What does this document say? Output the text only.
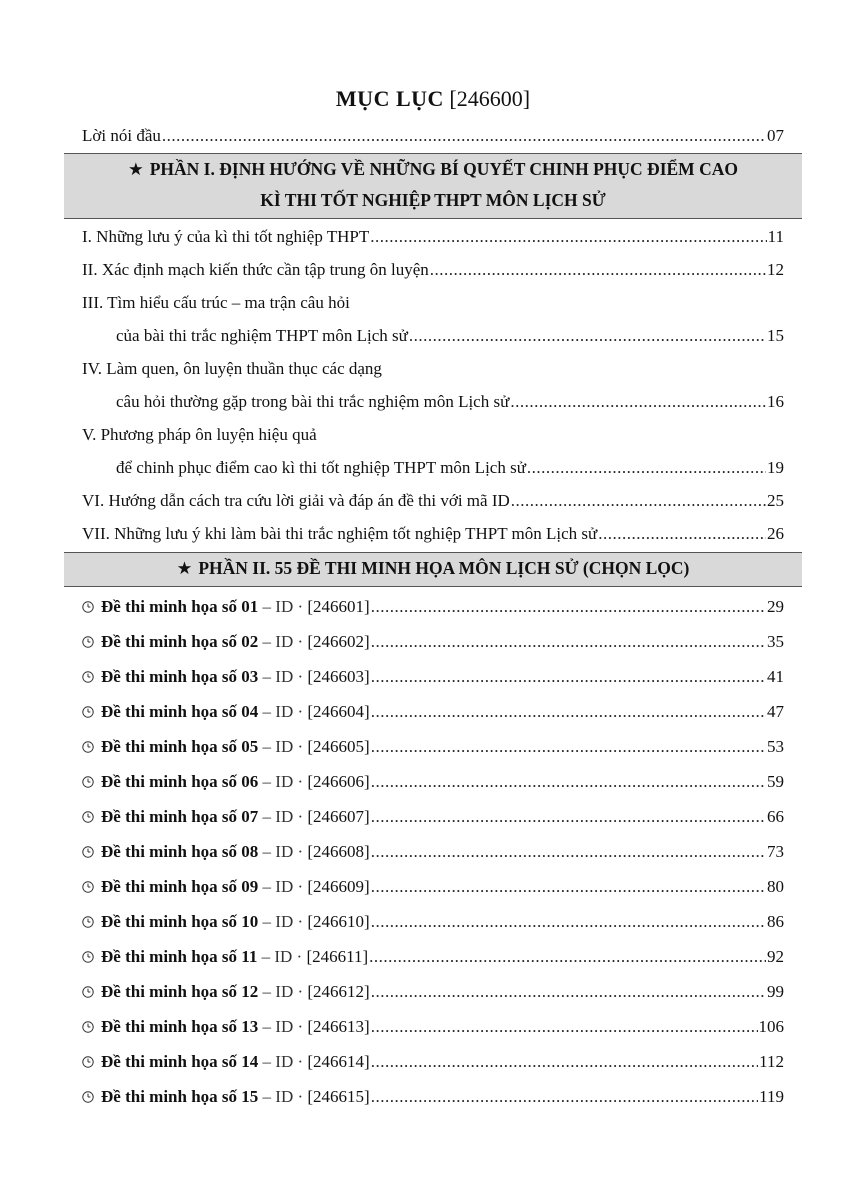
MỤC LỤC [246600]
Lời nói đầu .....	07
★ PHẦN I. ĐỊNH HƯỚNG VỀ NHỮNG BÍ QUYẾT CHINH PHỤC ĐIỂM CAO
KÌ THI TỐT NGHIỆP THPT MÔN LỊCH SỬ
I. Những lưu ý của kì thi tốt nghiệp THPT .....	11
II. Xác định mạch kiến thức cần tập trung ôn luyện .....	12
III. Tìm hiểu cấu trúc – ma trận câu hỏi
của bài thi trắc nghiệm THPT môn Lịch sử .....	15
IV. Làm quen, ôn luyện thuần thục các dạng
câu hỏi thường gặp trong bài thi trắc nghiệm môn Lịch sử .....	16
V. Phương pháp ôn luyện hiệu quả
để chinh phục điểm cao kì thi tốt nghiệp THPT môn Lịch sử .....	19
VI. Hướng dẫn cách tra cứu lời giải và đáp án đề thi với mã ID .....	25
VII. Những lưu ý khi làm bài thi trắc nghiệm tốt nghiệp THPT môn Lịch sử .....	26
★ PHẦN II. 55 ĐỀ THI MINH HỌA MÔN LỊCH SỬ (CHỌN LỌC)
Đề thi minh họa số 01 – ID · [246601] .....	29
Đề thi minh họa số 02 – ID · [246602] .....	35
Đề thi minh họa số 03 – ID · [246603] .....	41
Đề thi minh họa số 04 – ID · [246604] .....	47
Đề thi minh họa số 05 – ID · [246605] .....	53
Đề thi minh họa số 06 – ID · [246606] .....	59
Đề thi minh họa số 07 – ID · [246607] .....	66
Đề thi minh họa số 08 – ID · [246608] .....	73
Đề thi minh họa số 09 – ID · [246609] .....	80
Đề thi minh họa số 10 – ID · [246610] .....	86
Đề thi minh họa số 11 – ID · [246611] .....	92
Đề thi minh họa số 12 – ID · [246612] .....	99
Đề thi minh họa số 13 – ID · [246613] .....	106
Đề thi minh họa số 14 – ID · [246614] .....	112
Đề thi minh họa số 15 – ID · [246615] .....	119
